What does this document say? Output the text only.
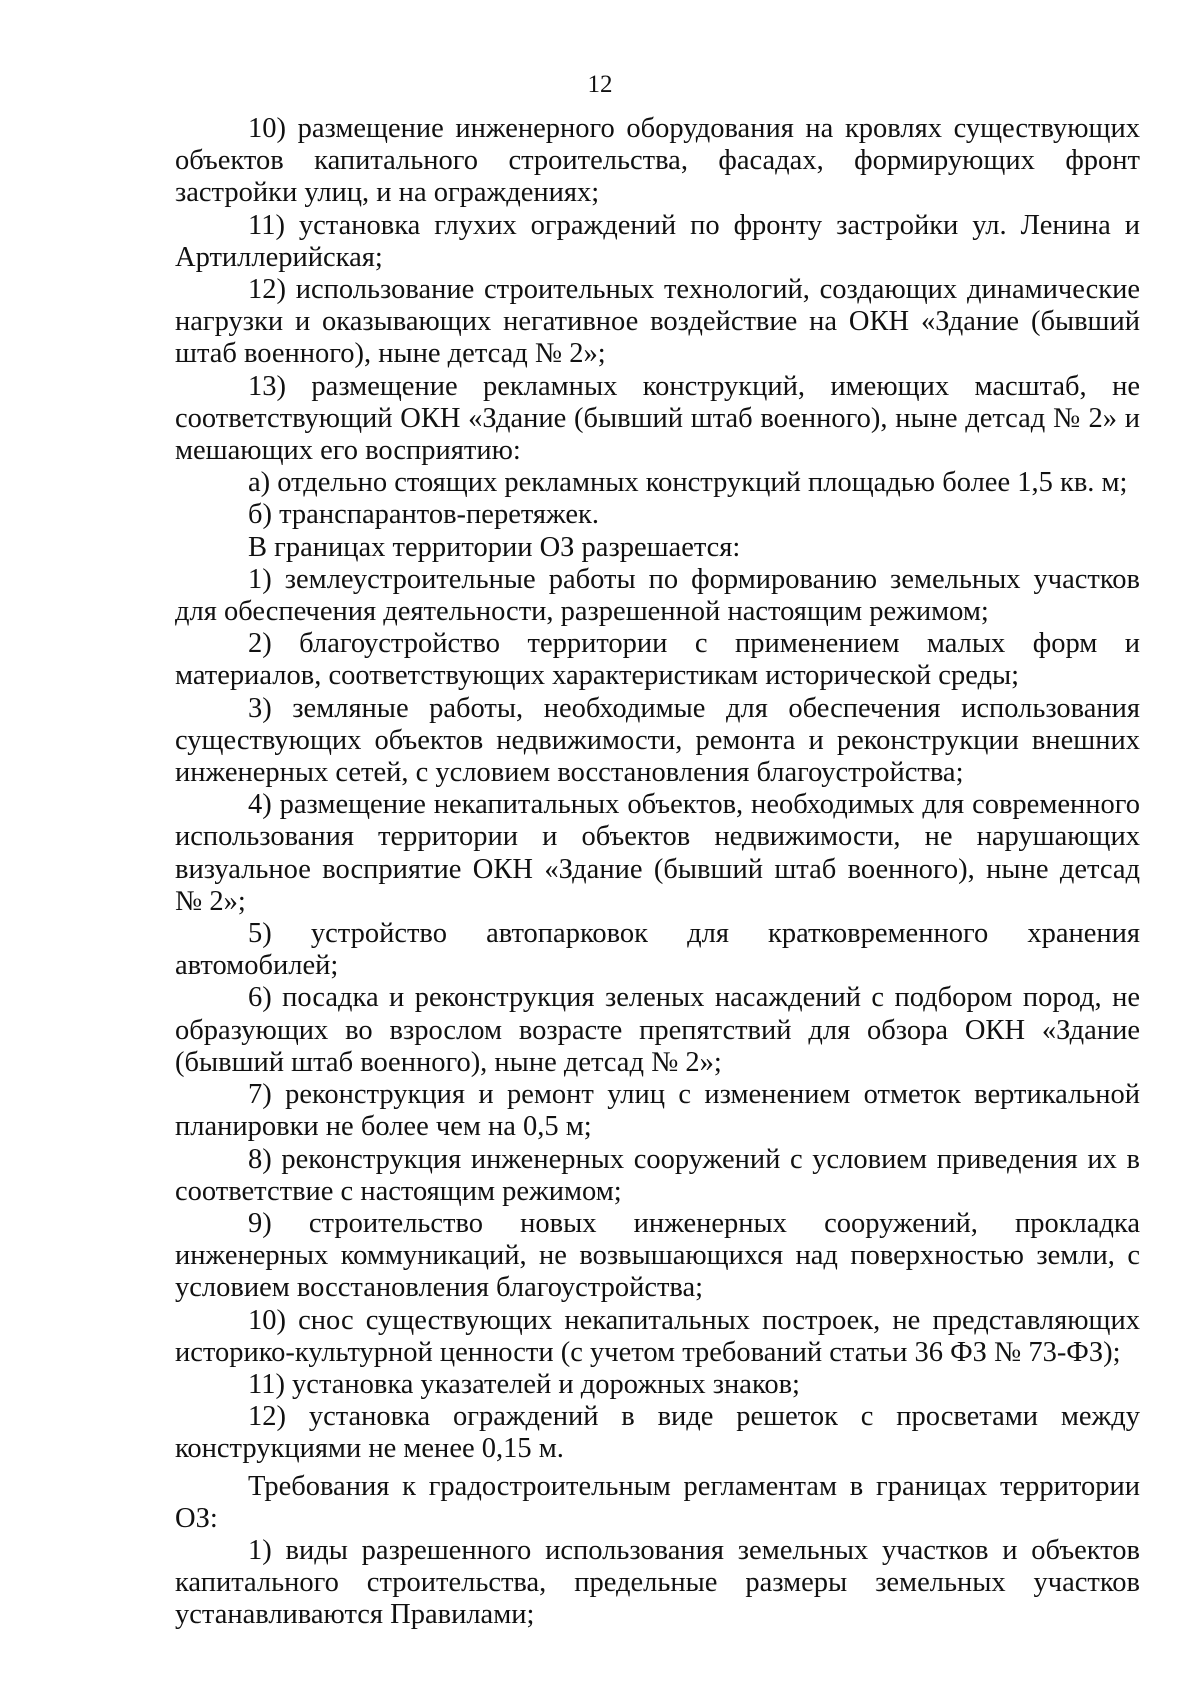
12

10) размещение инженерного оборудования на кровлях существующих объектов капитального строительства, фасадах, формирующих фронт застройки улиц, и на ограждениях;

11) установка глухих ограждений по фронту застройки ул. Ленина и Артиллерийская;

12) использование строительных технологий, создающих динамические нагрузки и оказывающих негативное воздействие на ОКН «Здание (бывший штаб военного), ныне детсад № 2»;

13) размещение рекламных конструкций, имеющих масштаб, не соответствующий ОКН «Здание (бывший штаб военного), ныне детсад № 2» и мешающих его восприятию:

а) отдельно стоящих рекламных конструкций площадью более 1,5 кв. м;

б) транспарантов-перетяжек.

В границах территории ОЗ разрешается:

1) землеустроительные работы по формированию земельных участков для обеспечения деятельности, разрешенной настоящим режимом;

2) благоустройство территории с применением малых форм и материалов, соответствующих характеристикам исторической среды;

3) земляные работы, необходимые для обеспечения использования существующих объектов недвижимости, ремонта и реконструкции внешних инженерных сетей, с условием восстановления благоустройства;

4) размещение некапитальных объектов, необходимых для современного использования территории и объектов недвижимости, не нарушающих визуальное восприятие ОКН «Здание (бывший штаб военного), ныне детсад № 2»;

5) устройство автопарковок для кратковременного хранения автомобилей;

6) посадка и реконструкция зеленых насаждений с подбором пород, не образующих во взрослом возрасте препятствий для обзора ОКН «Здание (бывший штаб военного), ныне детсад № 2»;

7) реконструкция и ремонт улиц с изменением отметок вертикальной планировки не более чем на 0,5 м;

8) реконструкция инженерных сооружений с условием приведения их в соответствие с настоящим режимом;

9) строительство новых инженерных сооружений, прокладка инженерных коммуникаций, не возвышающихся над поверхностью земли, с условием восстановления благоустройства;

10) снос существующих некапитальных построек, не представляющих историко-культурной ценности (с учетом требований статьи 36 ФЗ № 73-ФЗ);

11) установка указателей и дорожных знаков;

12) установка ограждений в виде решеток с просветами между конструкциями не менее 0,15 м.

Требования к градостроительным регламентам в границах территории ОЗ:

1) виды разрешенного использования земельных участков и объектов капитального строительства, предельные размеры земельных участков устанавливаются Правилами;
